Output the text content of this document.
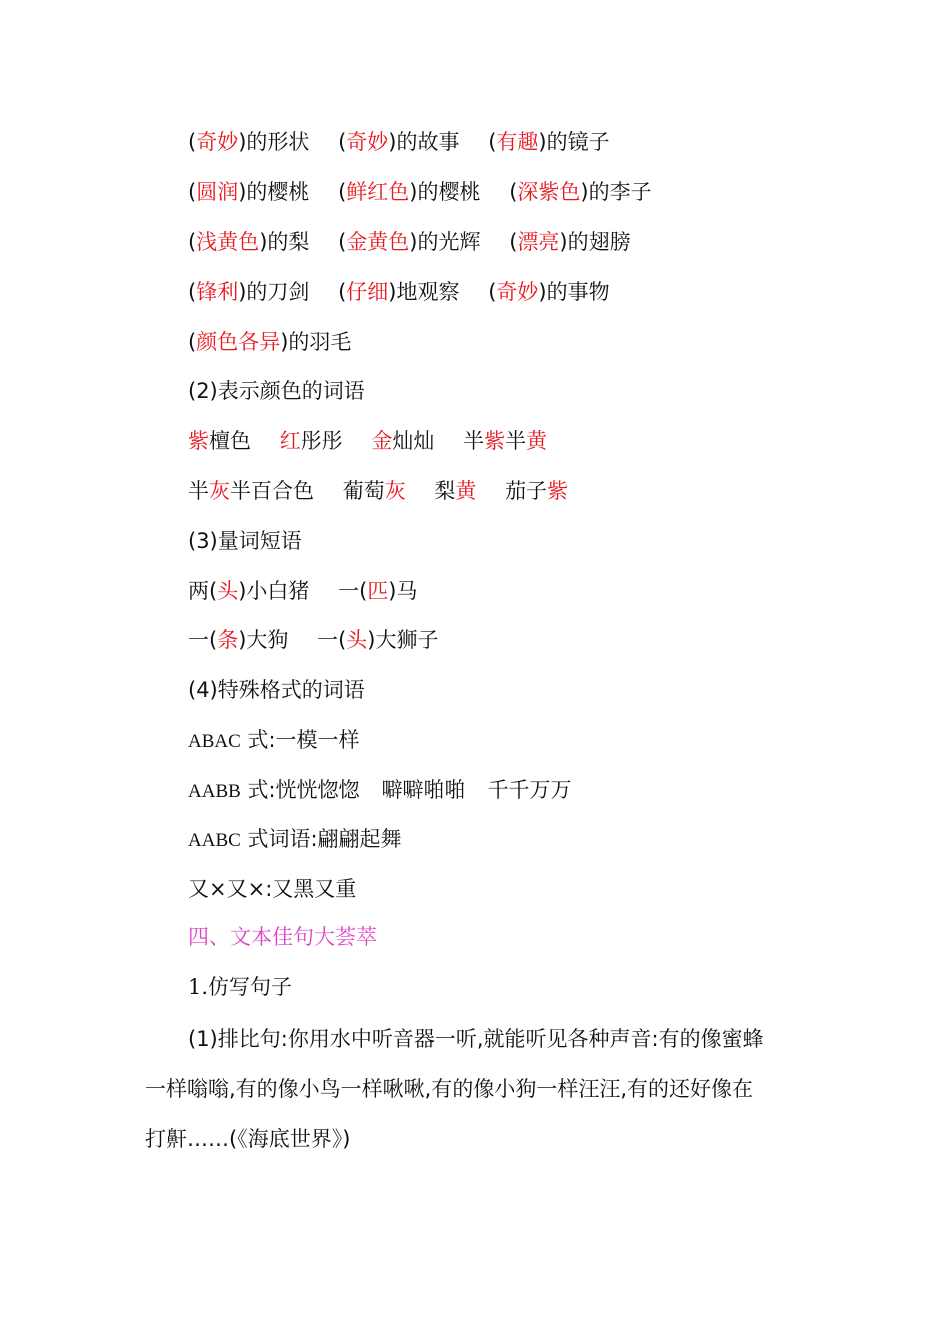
(奇妙)的形状 (奇妙)的故事 (有趣)的镜子
(圆润)的樱桃 (鲜红色)的樱桃 (深紫色)的李子
(浅黄色)的梨 (金黄色)的光辉 (漂亮)的翅膀
(锋利)的刀剑 (仔细)地观察 (奇妙)的事物
(颜色各异)的羽毛
(2)表示颜色的词语
紫檀色 红彤彤 金灿灿 半紫半黄
半灰半百合色 葡萄灰 梨黄 茄子紫
(3)量词短语
两(头)小白猪 一(匹)马
一(条)大狗 一(头)大狮子
(4)特殊格式的词语
ABAC 式:一模一样
AABB 式:恍恍惚惚 噼噼啪啪 千千万万
AABC 式词语:翩翩起舞
又×又×:又黑又重
四、文本佳句大荟萃
1.仿写句子
(1)排比句:你用水中听音器一听,就能听见各种声音:有的像蜜蜂
一样嗡嗡,有的像小鸟一样啾啾,有的像小狗一样汪汪,有的还好像在
打鼾……(《海底世界》)
